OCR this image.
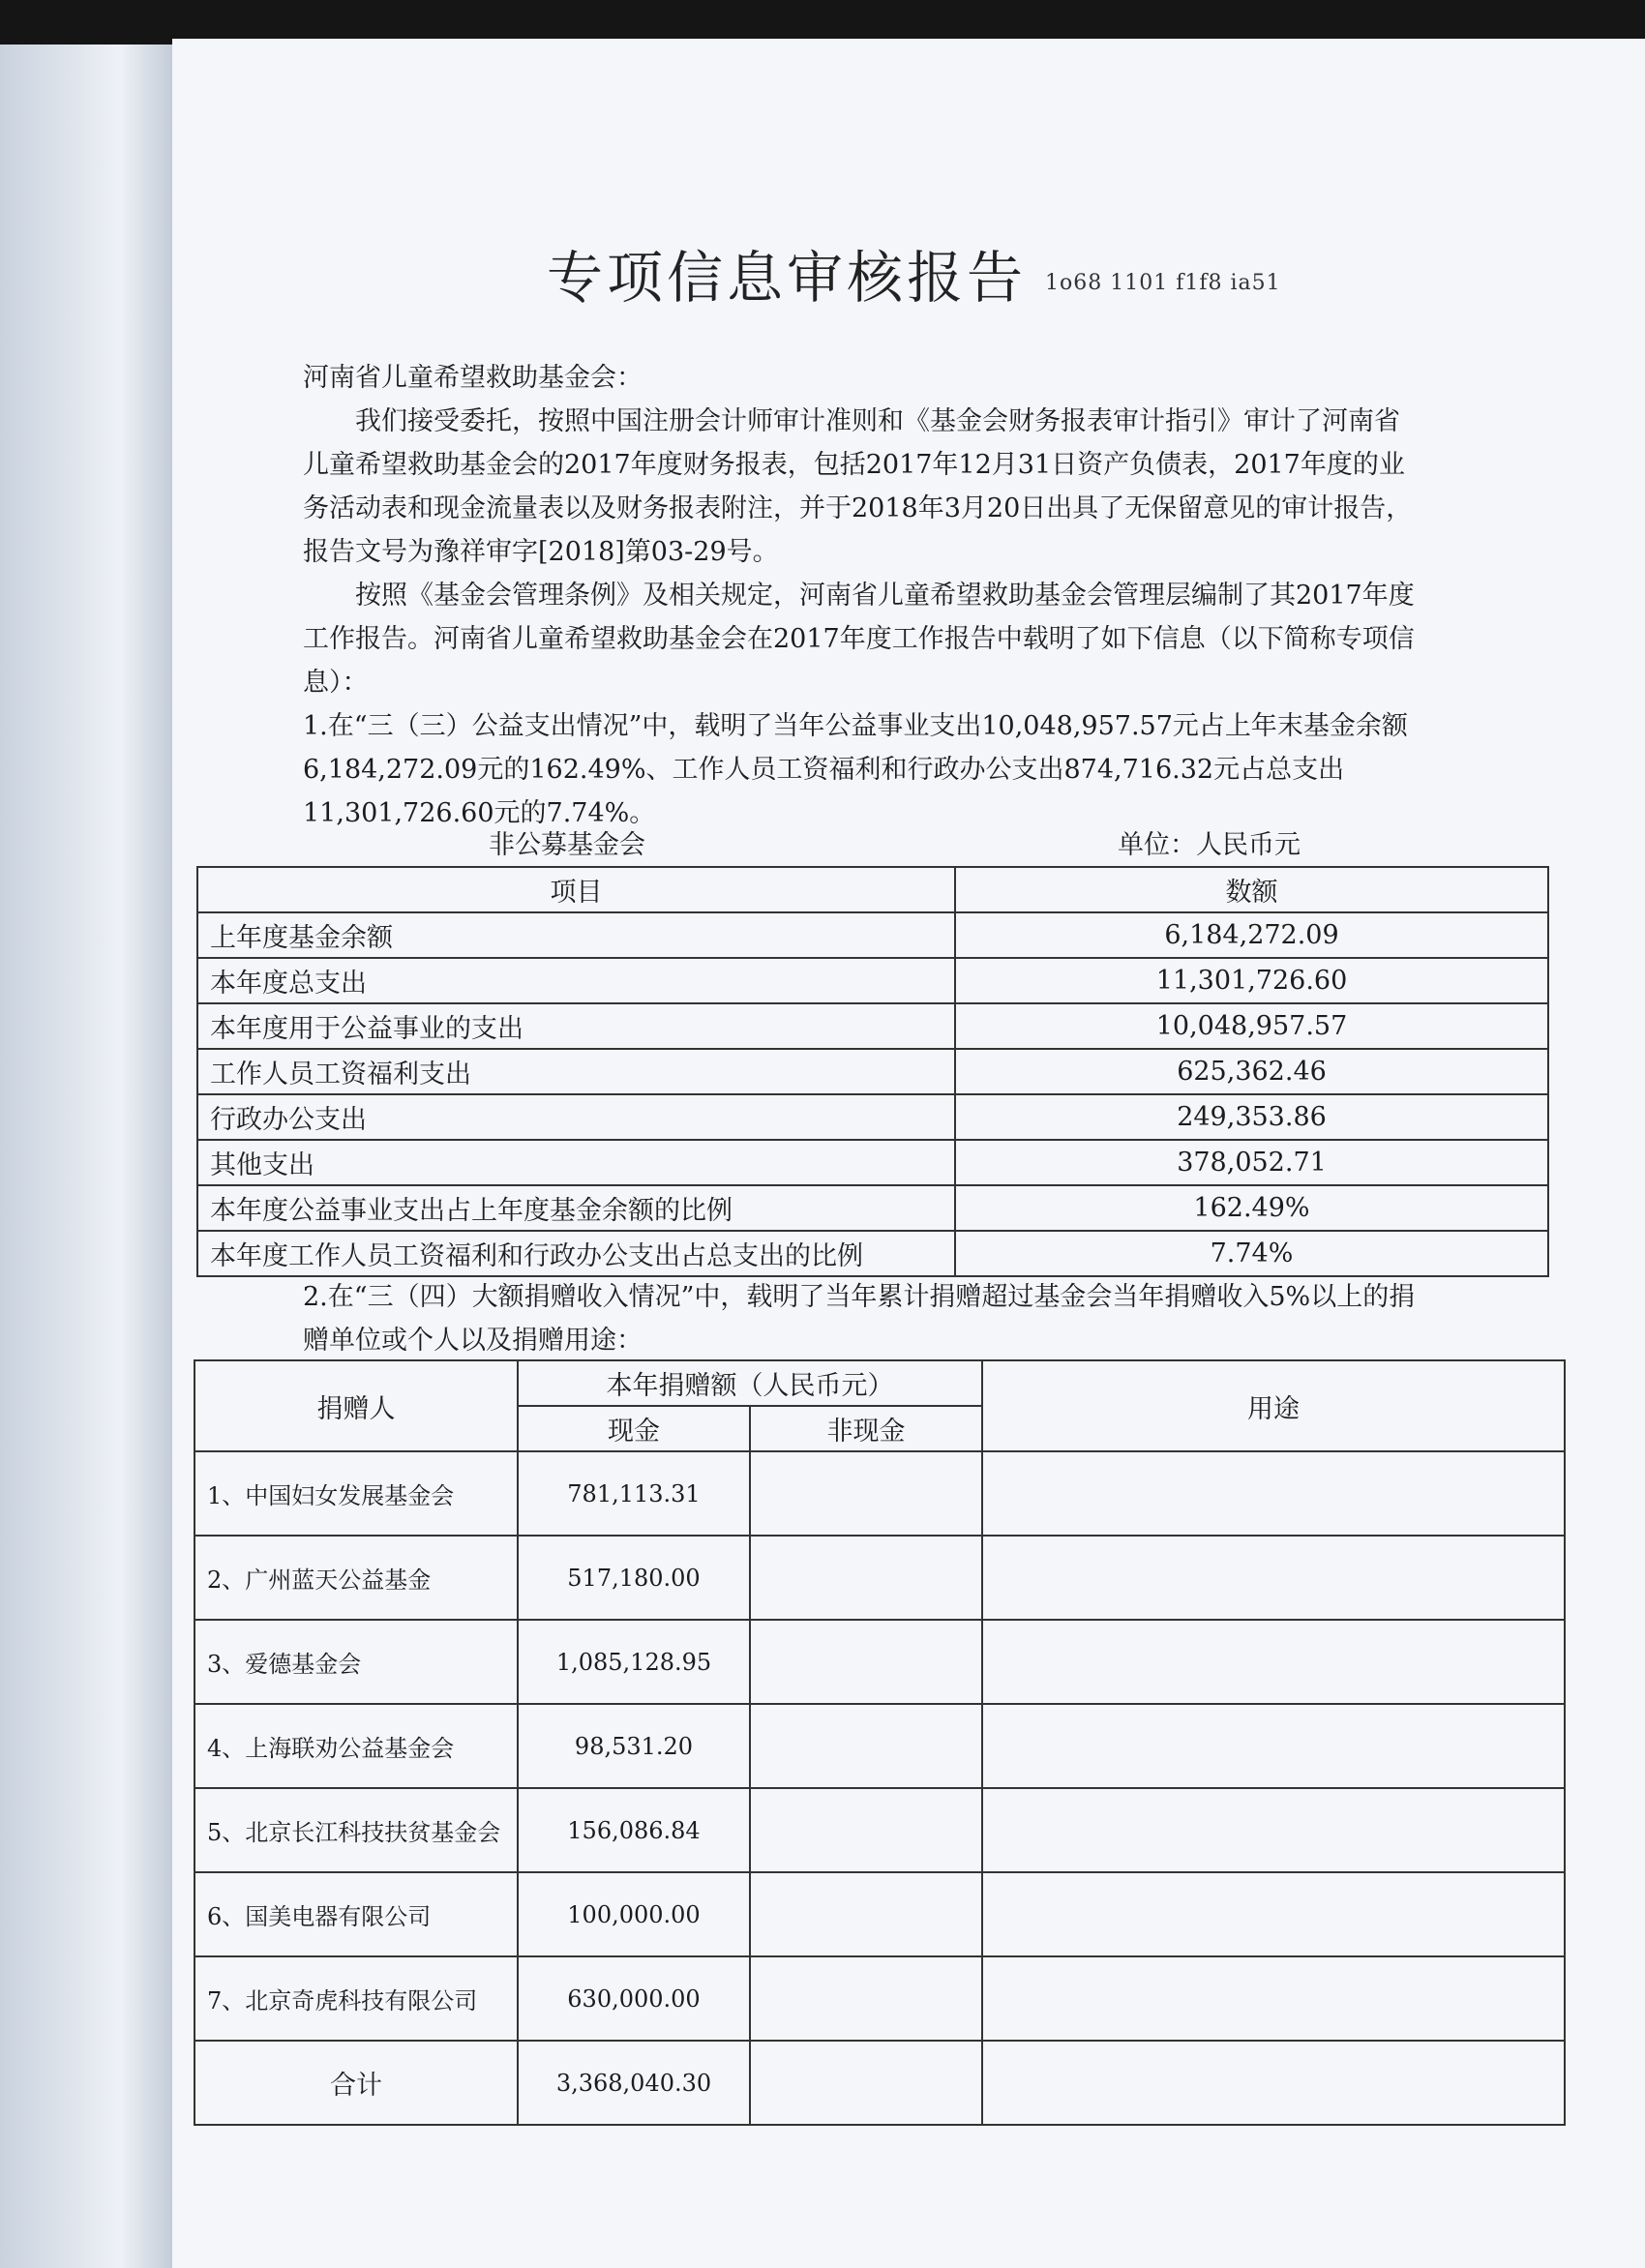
专项信息审核报告 1o68 1101 f1f8 ia51
河南省儿童希望救助基金会：
我们接受委托，按照中国注册会计师审计准则和《基金会财务报表审计指引》审计了河南省儿童希望救助基金会的2017年度财务报表，包括2017年12月31日资产负债表，2017年度的业务活动表和现金流量表以及财务报表附注，并于2018年3月20日出具了无保留意见的审计报告，报告文号为豫祥审字[2018]第03-29号。
按照《基金会管理条例》及相关规定，河南省儿童希望救助基金会管理层编制了其2017年度工作报告。河南省儿童希望救助基金会在2017年度工作报告中载明了如下信息（以下简称专项信息）：
1.在“三（三）公益支出情况”中，载明了当年公益事业支出10,048,957.57元占上年末基金余额6,184,272.09元的162.49%、工作人员工资福利和行政办公支出874,716.32元占总支出11,301,726.60元的7.74%。
非公募基金会	单位：人民币元
项目	数额
上年度基金余额	6,184,272.09
本年度总支出	11,301,726.60
本年度用于公益事业的支出	10,048,957.57
工作人员工资福利支出	625,362.46
行政办公支出	249,353.86
其他支出	378,052.71
本年度公益事业支出占上年度基金余额的比例	162.49%
本年度工作人员工资福利和行政办公支出占总支出的比例	7.74%
2.在“三（四）大额捐赠收入情况”中，载明了当年累计捐赠超过基金会当年捐赠收入5%以上的捐赠单位或个人以及捐赠用途：
捐赠人	本年捐赠额（人民币元）		用途
	现金	非现金	
1、中国妇女发展基金会	781,113.31		
2、广州蓝天公益基金	517,180.00		
3、爱德基金会	1,085,128.95		
4、上海联劝公益基金会	98,531.20		
5、北京长江科技扶贫基金会	156,086.84		
6、国美电器有限公司	100,000.00		
7、北京奇虎科技有限公司	630,000.00		
合计	3,368,040.30		
